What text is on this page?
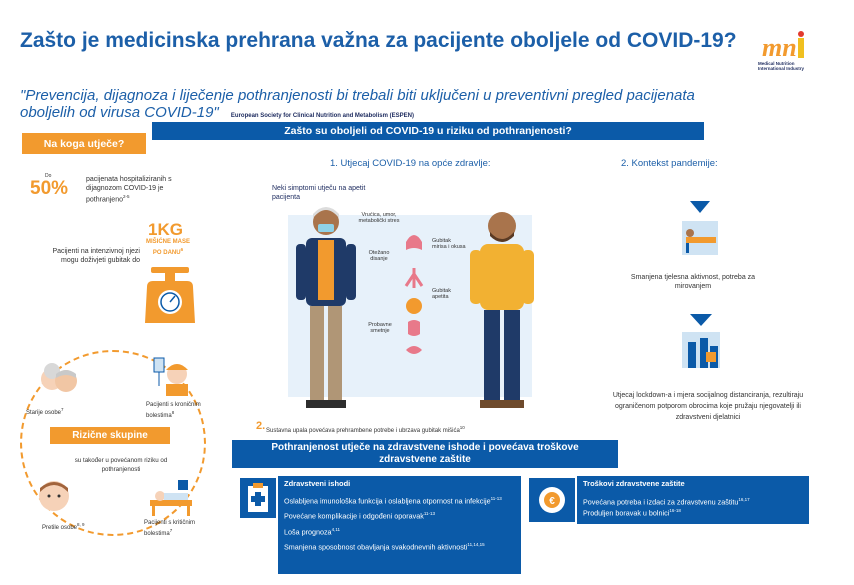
Zašto je medicinska prehrana važna za pacijente oboljele od COVID-19?
"Prevencija, dijagnoza i liječenje pothranjenosti bi trebali biti uključeni u preventivni pregled pacijenata oboljelih od virusa COVID-19" European Society for Clinical Nutrition and Metabolism (ESPEN)
mn
Medical Nutrition International Industry
Zašto su oboljeli od COVID-19 u riziku od pothranjenosti?
Na koga utječe?
Do
50%	pacijenata hospitaliziranih s dijagnozom COVID-19 je pothranjeno$^{2-5}$
Pacijenti na intenzivnoj njezi mogu doživjeti gubitak do
1KG
MIŠIĆNE MASE PO DANU$^6$
Starije osobe$^7$
Pacijenti s kroničnim bolestima$^8$
Rizične skupine
su također u povećanom riziku od pothranjenosti
Pretile osobe$^{8, 9}$	Pacijenti s kritičnim bolestima$^7$
1. Utjecaj COVID-19 na opće zdravlje:
Neki simptomi utječu na apetit pacijenta
Vrućica, umor, metabolički stres
Otežano disanje
Probavne smetnje
Gubitak mirisa i okusa
Gubitak apetita
2. Sustavna upala povećava prehrambene potrebe i ubrzava gubitak mišića$^{10}$
2. Kontekst pandemije:
Smanjena tjelesna aktivnost, potreba za mirovanjem
Utjecaj lockdown-a i mjera socijalnog distanciranja, rezultiraju ograničenom potporom obrocima koje pružaju njegovatelji ili zdravstveni djelatnici
Pothranjenost utječe na zdravstvene ishode i povećava troškove zdravstvene zaštite
Zdravstveni ishodi
Oslabljena imunološka funkcija i oslabljena otpornost na infekcije$^{11-13}$
Povećane komplikacije i odgođeni oporavak$^{11-13}$
Loša prognoza$^{4,11}$
Smanjena sposobnost obavljanja svakodnevnih aktivnosti$^{11,14,15}$
€
Troškovi zdravstvene zaštite
Povećana potreba i izdaci za zdravstvenu zaštitu$^{16,17}$
Produljen boravak u bolnici$^{16-18}$
